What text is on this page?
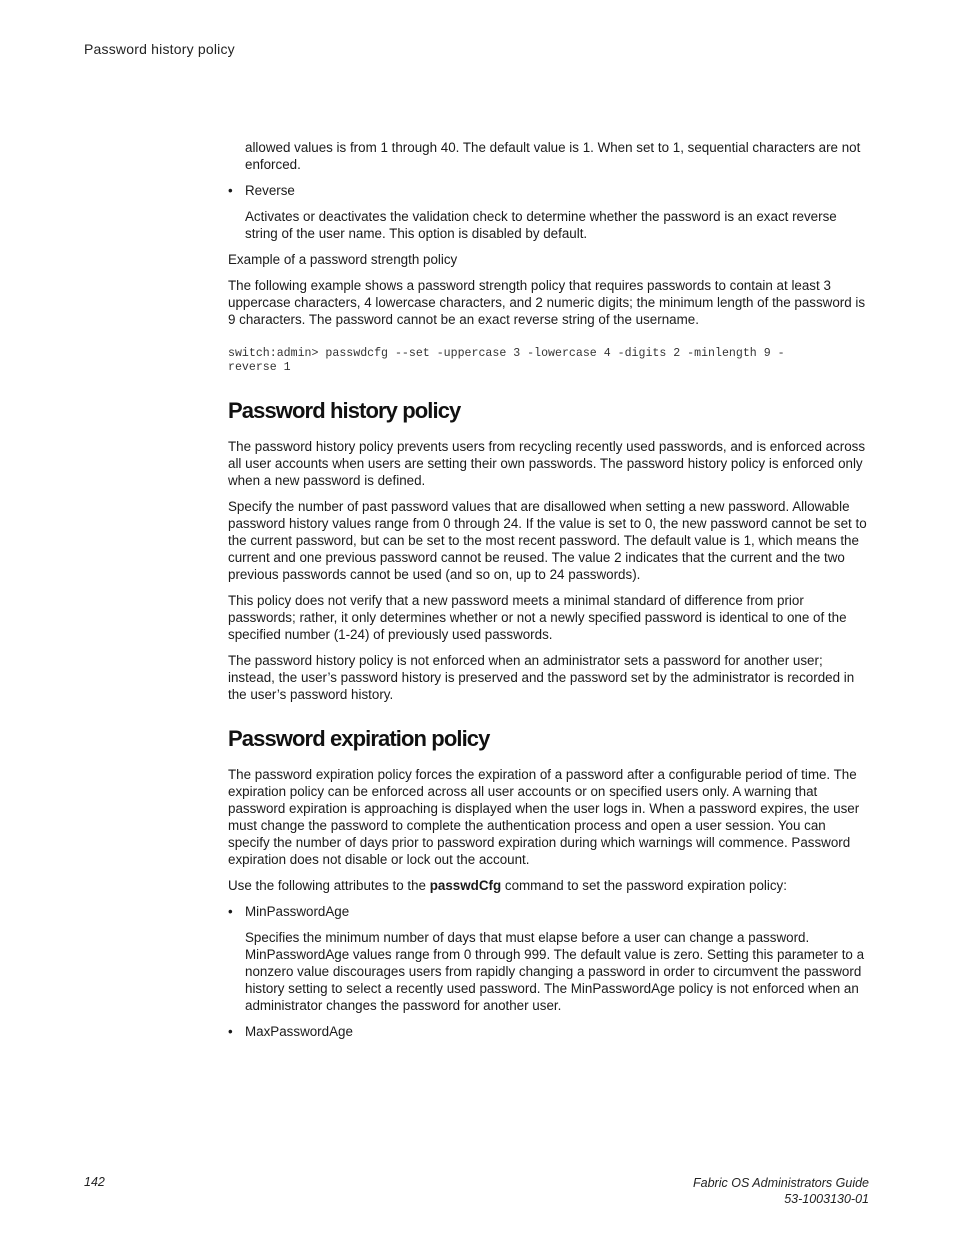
Password history policy

allowed values is from 1 through 40. The default value is 1. When set to 1, sequential characters are not enforced.

• Reverse

Activates or deactivates the validation check to determine whether the password is an exact reverse string of the user name. This option is disabled by default.

Example of a password strength policy

The following example shows a password strength policy that requires passwords to contain at least 3 uppercase characters, 4 lowercase characters, and 2 numeric digits; the minimum length of the password is 9 characters. The password cannot be an exact reverse string of the username.

switch:admin> passwdcfg --set -uppercase 3 -lowercase 4 -digits 2 -minlength 9 -
reverse 1
Password history policy

The password history policy prevents users from recycling recently used passwords, and is enforced across all user accounts when users are setting their own passwords. The password history policy is enforced only when a new password is defined.

Specify the number of past password values that are disallowed when setting a new password. Allowable password history values range from 0 through 24. If the value is set to 0, the new password cannot be set to the current password, but can be set to the most recent password. The default value is 1, which means the current and one previous password cannot be reused. The value 2 indicates that the current and the two previous passwords cannot be used (and so on, up to 24 passwords).

This policy does not verify that a new password meets a minimal standard of difference from prior passwords; rather, it only determines whether or not a newly specified password is identical to one of the specified number (1-24) of previously used passwords.

The password history policy is not enforced when an administrator sets a password for another user; instead, the user’s password history is preserved and the password set by the administrator is recorded in the user’s password history.

Password expiration policy

The password expiration policy forces the expiration of a password after a configurable period of time. The expiration policy can be enforced across all user accounts or on specified users only. A warning that password expiration is approaching is displayed when the user logs in. When a password expires, the user must change the password to complete the authentication process and open a user session. You can specify the number of days prior to password expiration during which warnings will commence. Password expiration does not disable or lock out the account.

Use the following attributes to the passwdCfg command to set the password expiration policy:

• MinPasswordAge

Specifies the minimum number of days that must elapse before a user can change a password. MinPasswordAge values range from 0 through 999. The default value is zero. Setting this parameter to a nonzero value discourages users from rapidly changing a password in order to circumvent the password history setting to select a recently used password. The MinPasswordAge policy is not enforced when an administrator changes the password for another user.

• MaxPasswordAge
142	Fabric OS Administrators Guide
53-1003130-01
